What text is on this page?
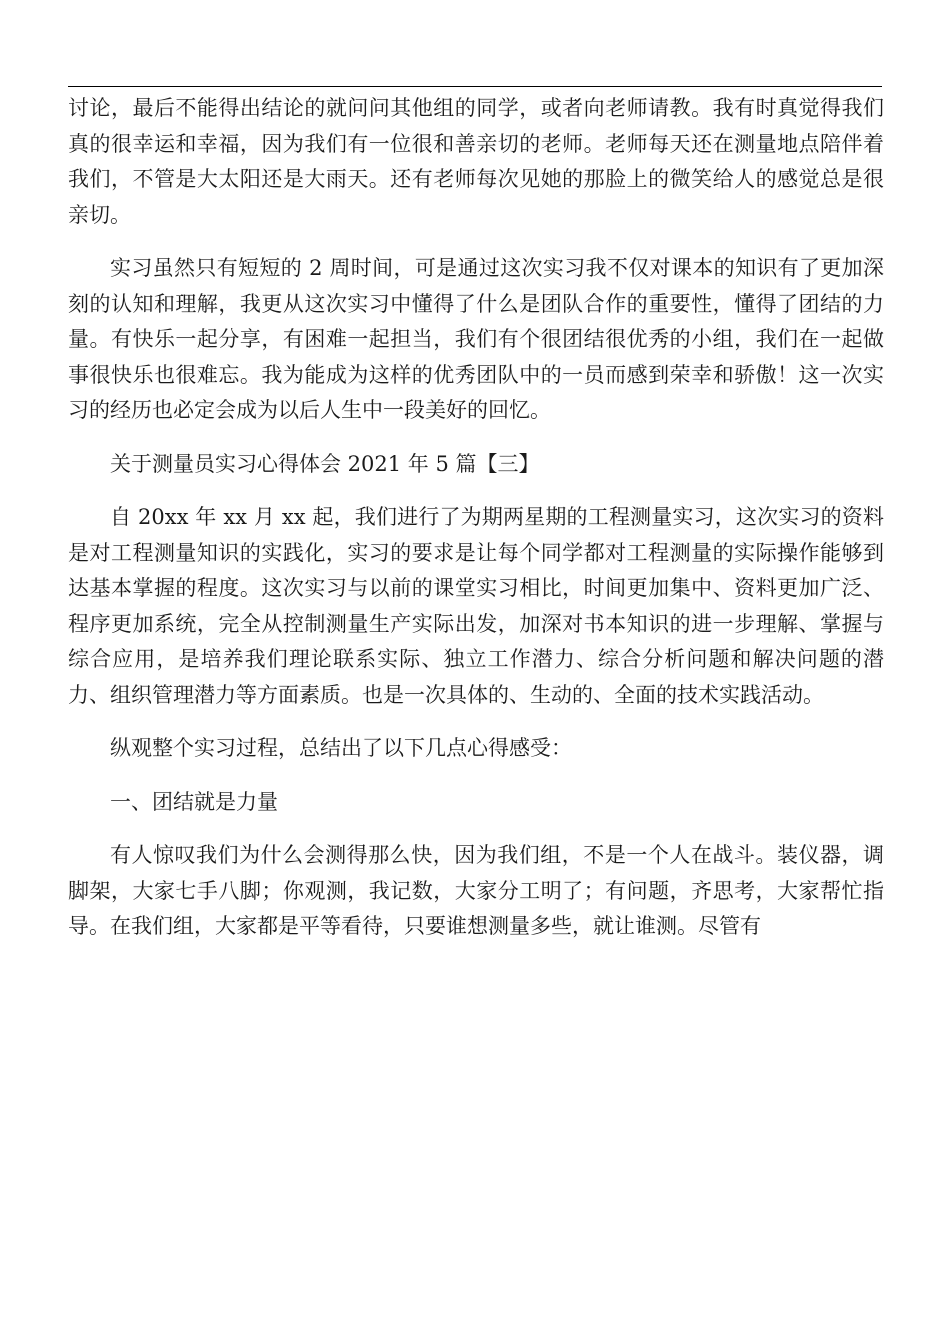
讨论，最后不能得出结论的就问问其他组的同学，或者向老师请教。我有时真觉得我们真的很幸运和幸福，因为我们有一位很和善亲切的老师。老师每天还在测量地点陪伴着我们，不管是大太阳还是大雨天。还有老师每次见她的那脸上的微笑给人的感觉总是很亲切。

实习虽然只有短短的 2 周时间，可是通过这次实习我不仅对课本的知识有了更加深刻的认知和理解，我更从这次实习中懂得了什么是团队合作的重要性，懂得了团结的力量。有快乐一起分享，有困难一起担当，我们有个很团结很优秀的小组，我们在一起做事很快乐也很难忘。我为能成为这样的优秀团队中的一员而感到荣幸和骄傲！这一次实习的经历也必定会成为以后人生中一段美好的回忆。

关于测量员实习心得体会 2021 年 5 篇【三】

自 20xx 年 xx 月 xx 起，我们进行了为期两星期的工程测量实习，这次实习的资料是对工程测量知识的实践化，实习的要求是让每个同学都对工程测量的实际操作能够到达基本掌握的程度。这次实习与以前的课堂实习相比，时间更加集中、资料更加广泛、程序更加系统，完全从控制测量生产实际出发，加深对书本知识的进一步理解、掌握与综合应用，是培养我们理论联系实际、独立工作潜力、综合分析问题和解决问题的潜力、组织管理潜力等方面素质。也是一次具体的、生动的、全面的技术实践活动。

纵观整个实习过程，总结出了以下几点心得感受：

一、团结就是力量

有人惊叹我们为什么会测得那么快，因为我们组，不是一个人在战斗。装仪器，调脚架，大家七手八脚；你观测，我记数，大家分工明了；有问题，齐思考，大家帮忙指导。在我们组，大家都是平等看待，只要谁想测量多些，就让谁测。尽管有
